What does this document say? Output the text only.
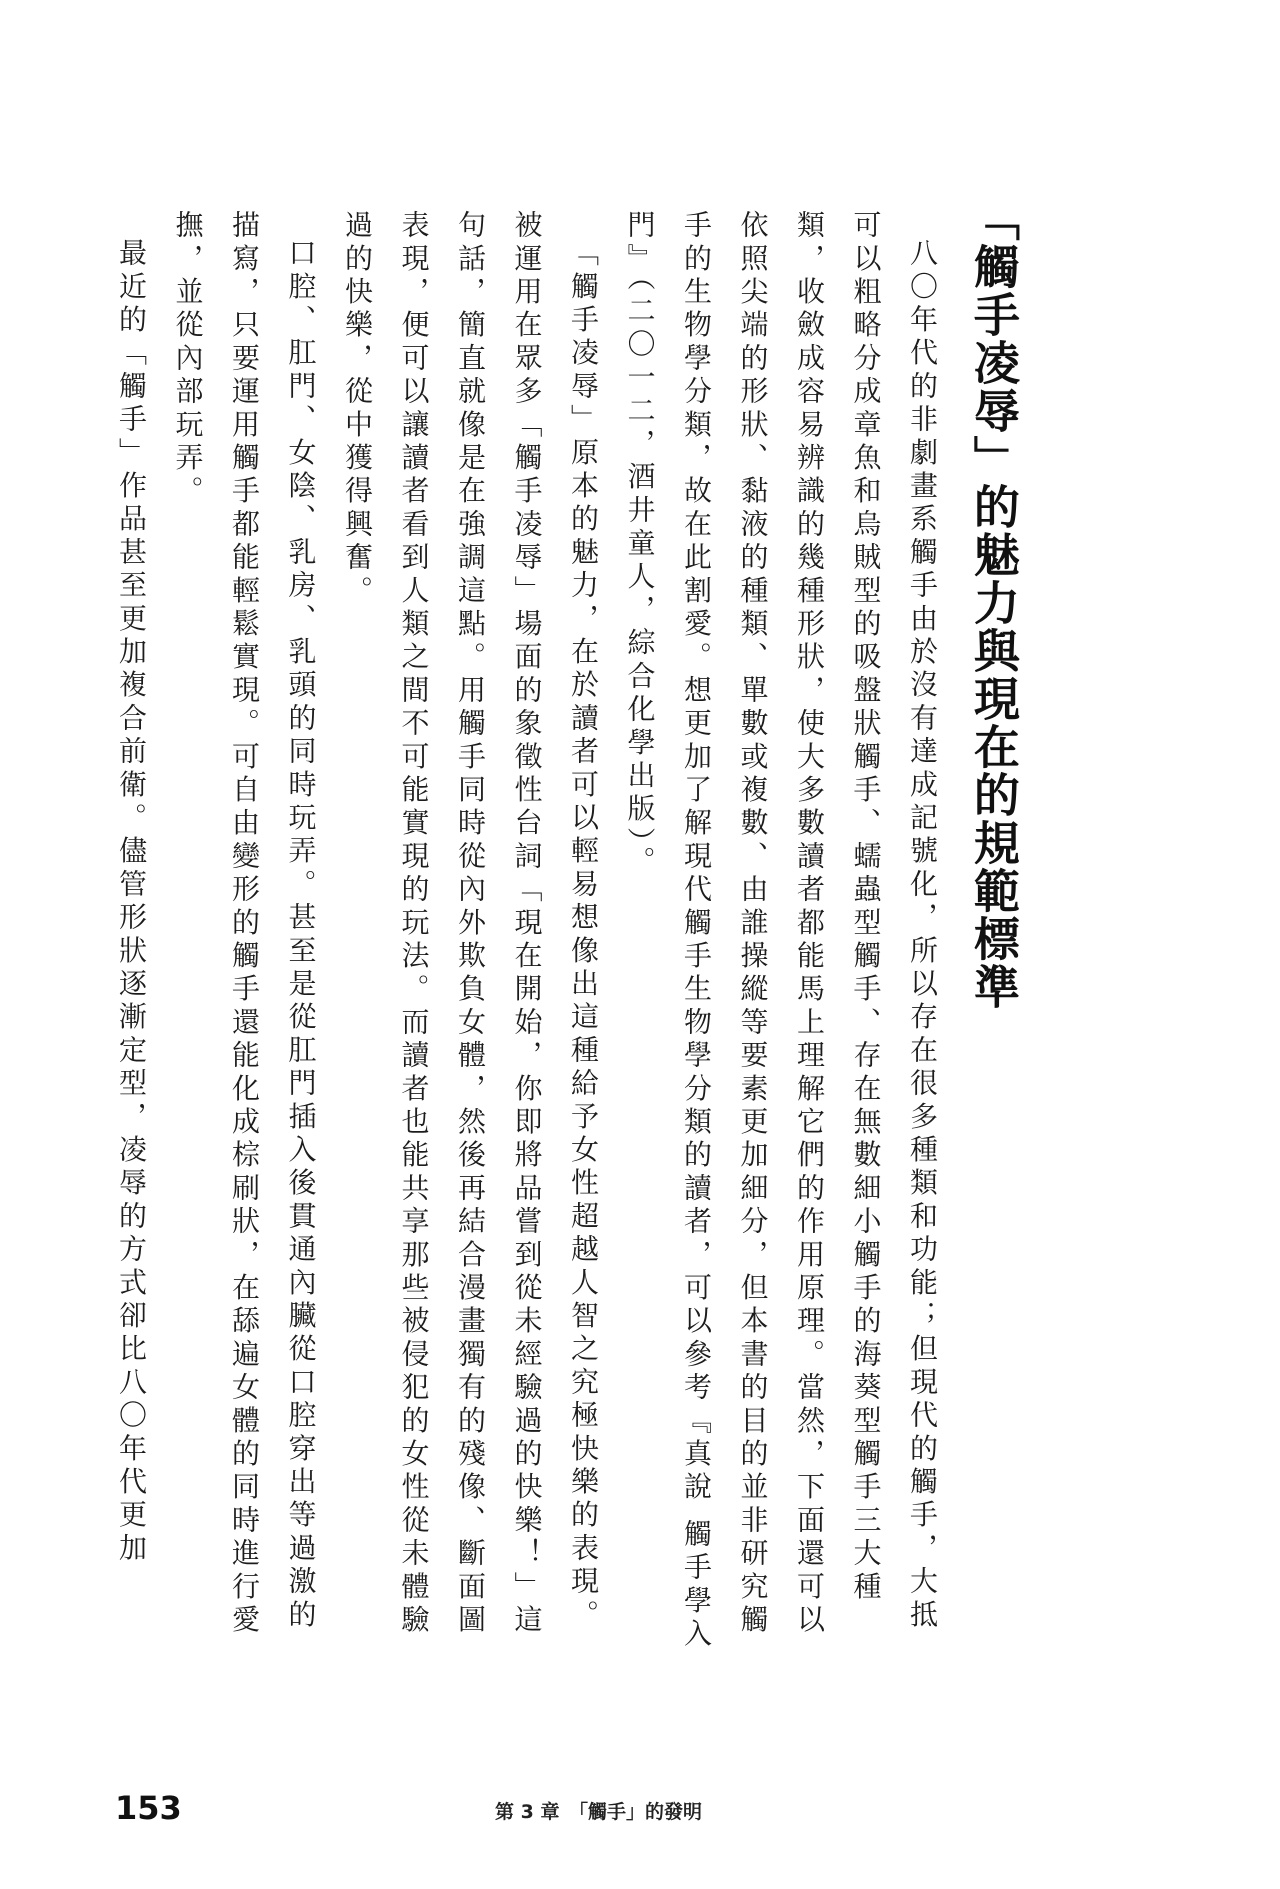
「觸手凌辱」的魅力與現在的規範標準

八〇年代的非劇畫系觸手由於沒有達成記號化，所以存在很多種類和功能；但現代的觸手，大抵可以粗略分成章魚和烏賊型的吸盤狀觸手、蠕蟲型觸手、存在無數細小觸手的海葵型觸手三大種類，收斂成容易辨識的幾種形狀，使大多數讀者都能馬上理解它們的作用原理。當然，下面還可以依照尖端的形狀、黏液的種類、單數或複數、由誰操縱等要素更加細分，但本書的目的並非研究觸手的生物學分類，故在此割愛。想更加了解現代觸手生物學分類的讀者，可以參考『真說 觸手學入門』（二〇一二，酒井童人，綜合化學出版）。

「觸手凌辱」原本的魅力，在於讀者可以輕易想像出這種給予女性超越人智之究極快樂的表現。被運用在眾多「觸手凌辱」場面的象徵性台詞「現在開始，你即將品嘗到從未經驗過的快樂！」這句話，簡直就像是在強調這點。用觸手同時從內外欺負女體，然後再結合漫畫獨有的殘像、斷面圖表現，便可以讓讀者看到人類之間不可能實現的玩法。而讀者也能共享那些被侵犯的女性從未體驗過的快樂，從中獲得興奮。

口腔、肛門、女陰、乳房、乳頭的同時玩弄。甚至是從肛門插入後貫通內臟從口腔穿出等過激的描寫，只要運用觸手都能輕鬆實現。可自由變形的觸手還能化成棕刷狀，在舔遍女體的同時進行愛撫，並從內部玩弄。

最近的「觸手」作品甚至更加複合前衛。儘管形狀逐漸定型，凌辱的方式卻比八〇年代更加

153	第 3 章　「觸手」的發明
